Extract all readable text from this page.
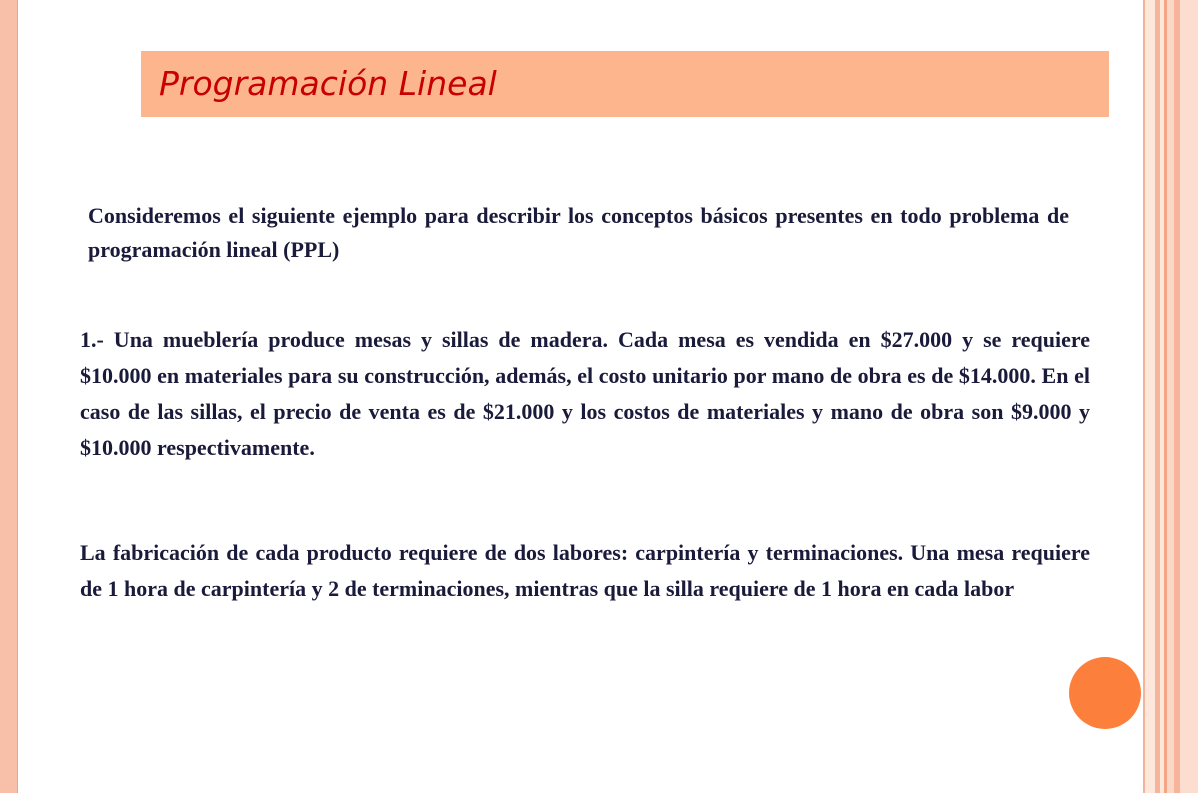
Programación Lineal

Consideremos el siguiente ejemplo para describir los conceptos básicos presentes en todo problema de programación lineal (PPL)

1.- Una mueblería produce mesas y sillas de madera. Cada mesa es vendida en $27.000 y se requiere $10.000 en materiales para su construcción, además, el costo unitario por mano de obra es de $14.000. En el caso de las sillas, el precio de venta es de $21.000 y los costos de materiales y mano de obra son $9.000 y $10.000 respectivamente.

La fabricación de cada producto requiere de dos labores: carpintería y terminaciones. Una mesa requiere de 1 hora de carpintería y 2 de terminaciones, mientras que la silla requiere de 1 hora en cada labor
